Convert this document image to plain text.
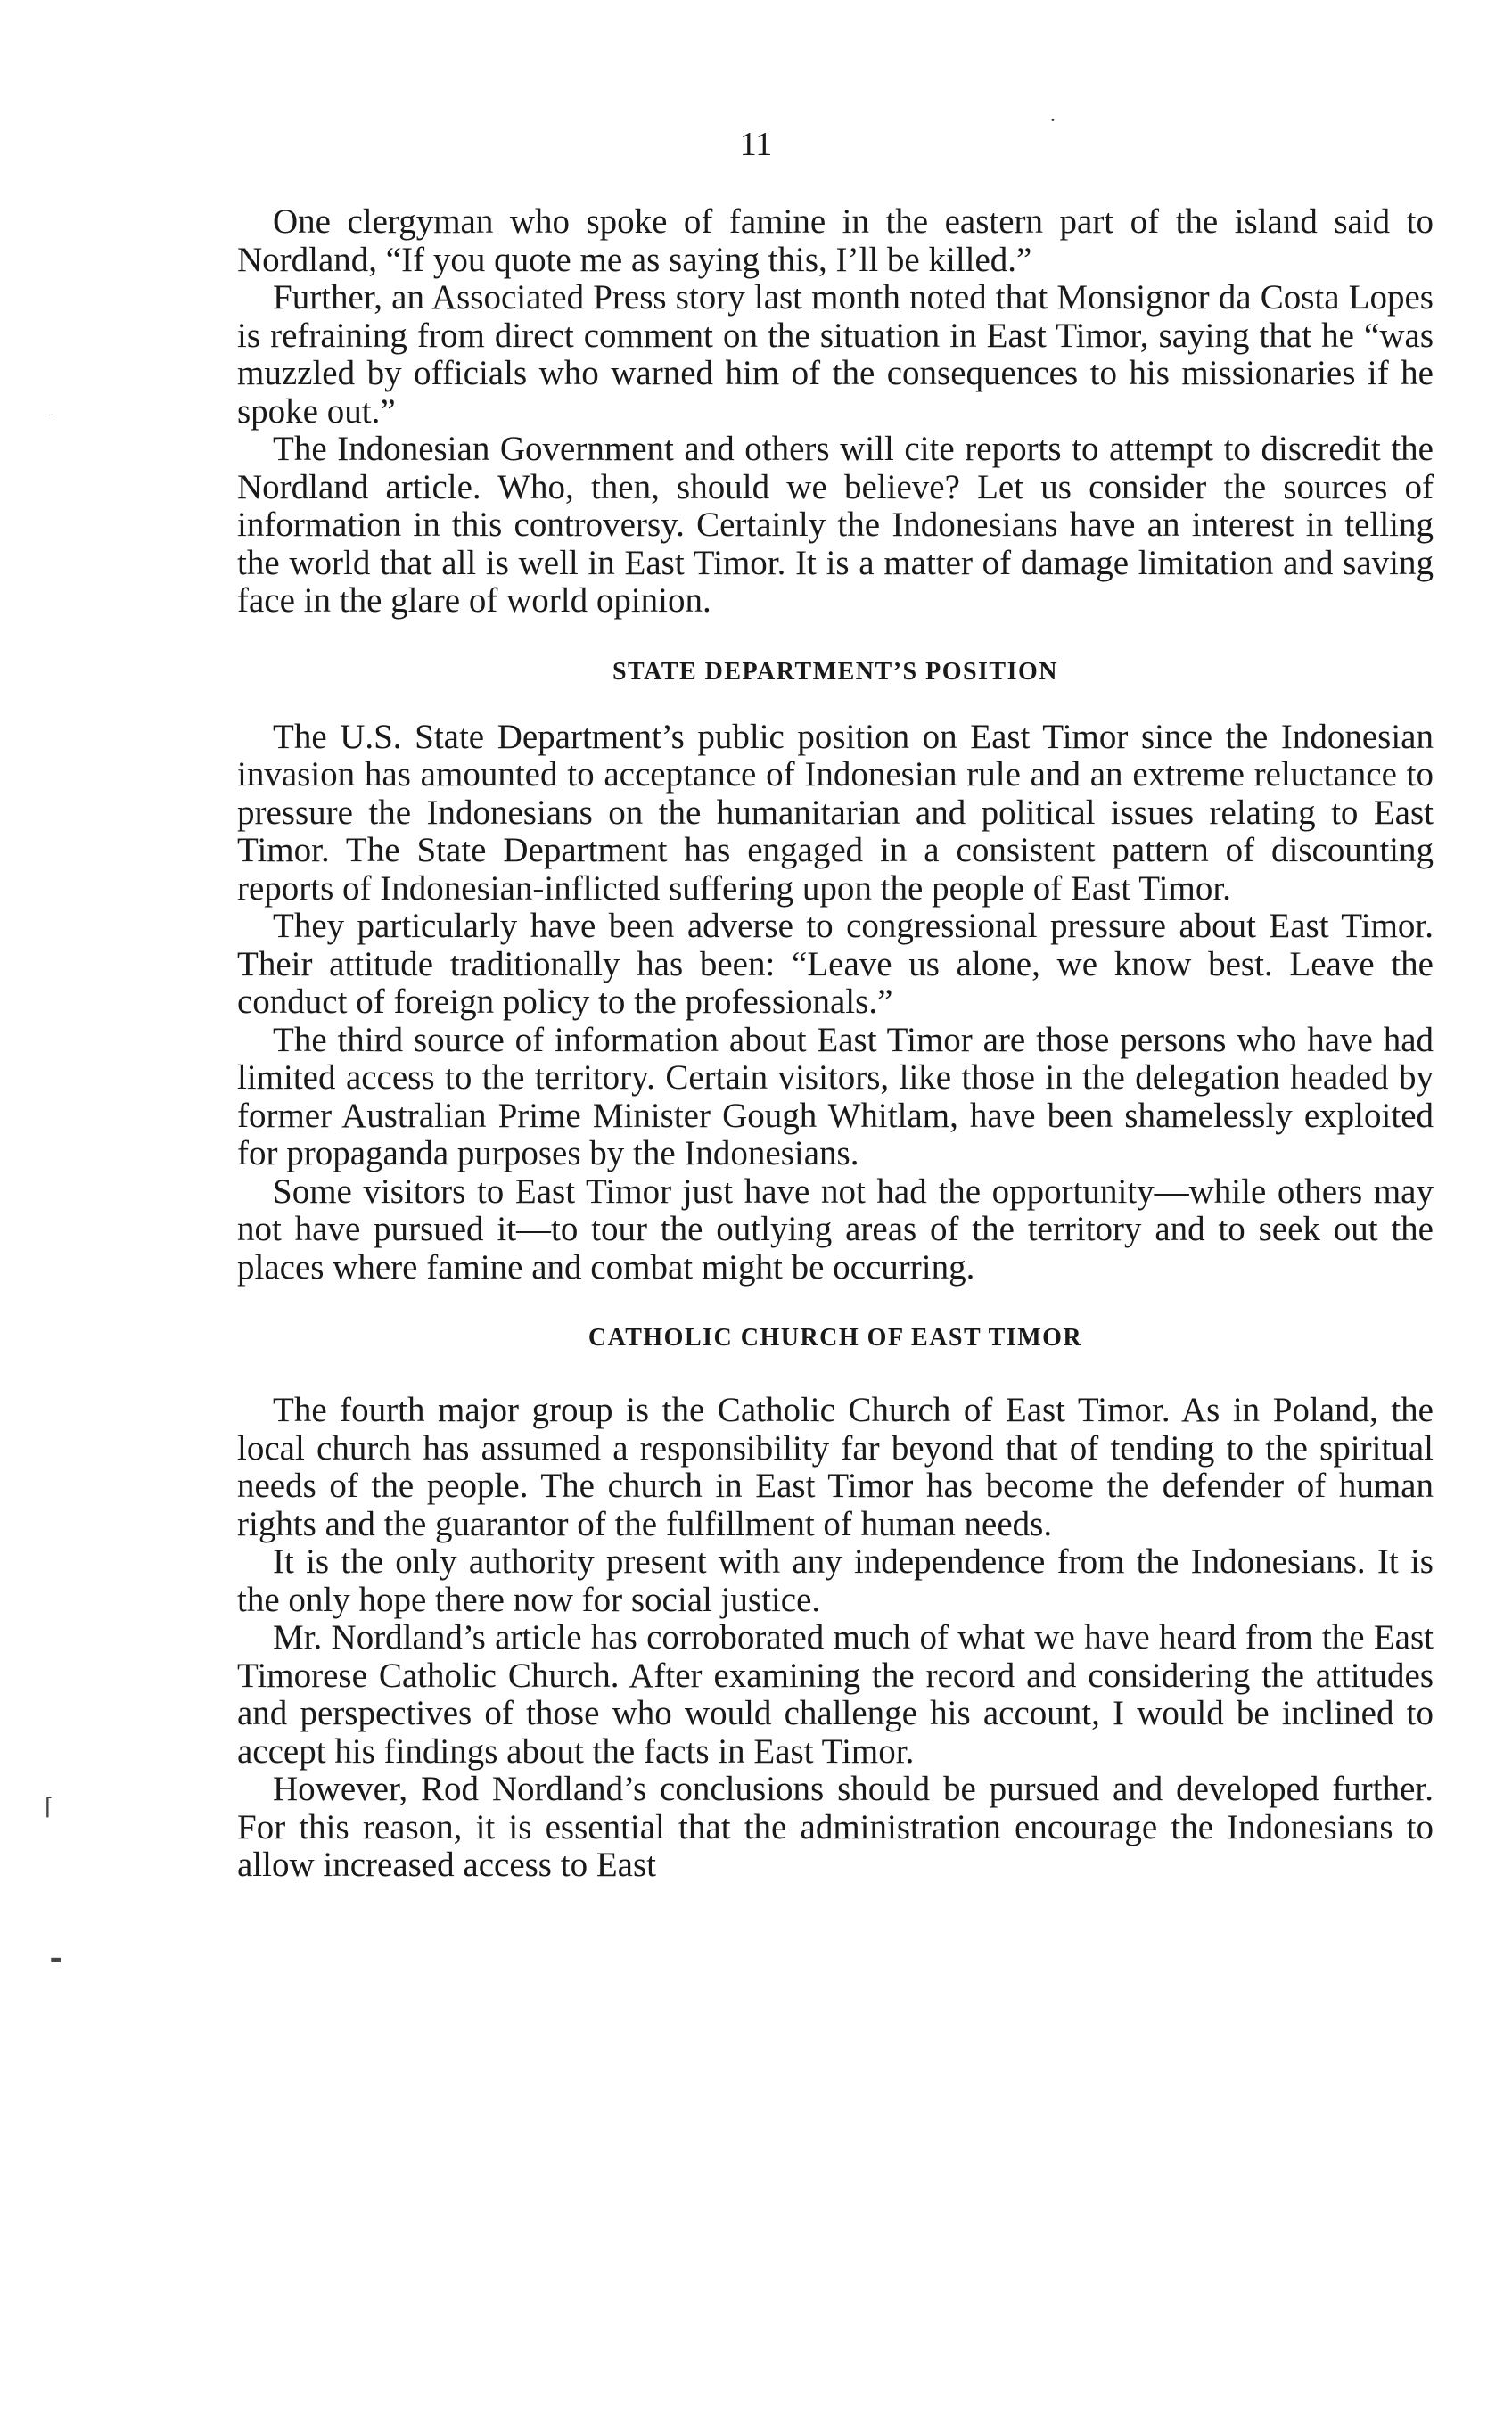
11
•
–
⌈
▬

One clergyman who spoke of famine in the eastern part of the island said to Nordland, “If you quote me as saying this, I’ll be killed.”

Further, an Associated Press story last month noted that Monsignor da Costa Lopes is refraining from direct comment on the situation in East Timor, saying that he “was muzzled by officials who warned him of the consequences to his missionaries if he spoke out.”

The Indonesian Government and others will cite reports to attempt to discredit the Nordland article. Who, then, should we believe? Let us consider the sources of information in this controversy. Certainly the Indonesians have an interest in telling the world that all is well in East Timor. It is a matter of damage limitation and saving face in the glare of world opinion.

STATE DEPARTMENT’S POSITION

The U.S. State Department’s public position on East Timor since the Indonesian invasion has amounted to acceptance of Indonesian rule and an extreme reluctance to pressure the Indonesians on the humanitarian and political issues relating to East Timor. The State Department has engaged in a consistent pattern of discounting reports of Indonesian-inflicted suffering upon the people of East Timor.

They particularly have been adverse to congressional pressure about East Timor. Their attitude traditionally has been: “Leave us alone, we know best. Leave the conduct of foreign policy to the professionals.”

The third source of information about East Timor are those persons who have had limited access to the territory. Certain visitors, like those in the delegation headed by former Australian Prime Minister Gough Whitlam, have been shamelessly exploited for propaganda purposes by the Indonesians.

Some visitors to East Timor just have not had the opportunity—while others may not have pursued it—to tour the outlying areas of the territory and to seek out the places where famine and combat might be occurring.

CATHOLIC CHURCH OF EAST TIMOR

The fourth major group is the Catholic Church of East Timor. As in Poland, the local church has assumed a responsibility far beyond that of tending to the spiritual needs of the people. The church in East Timor has become the defender of human rights and the guarantor of the fulfillment of human needs.

It is the only authority present with any independence from the Indonesians. It is the only hope there now for social justice.

Mr. Nordland’s article has corroborated much of what we have heard from the East Timorese Catholic Church. After examining the record and considering the attitudes and perspectives of those who would challenge his account, I would be inclined to accept his findings about the facts in East Timor.

However, Rod Nordland’s conclusions should be pursued and developed further. For this reason, it is essential that the administration encourage the Indonesians to allow increased access to East
